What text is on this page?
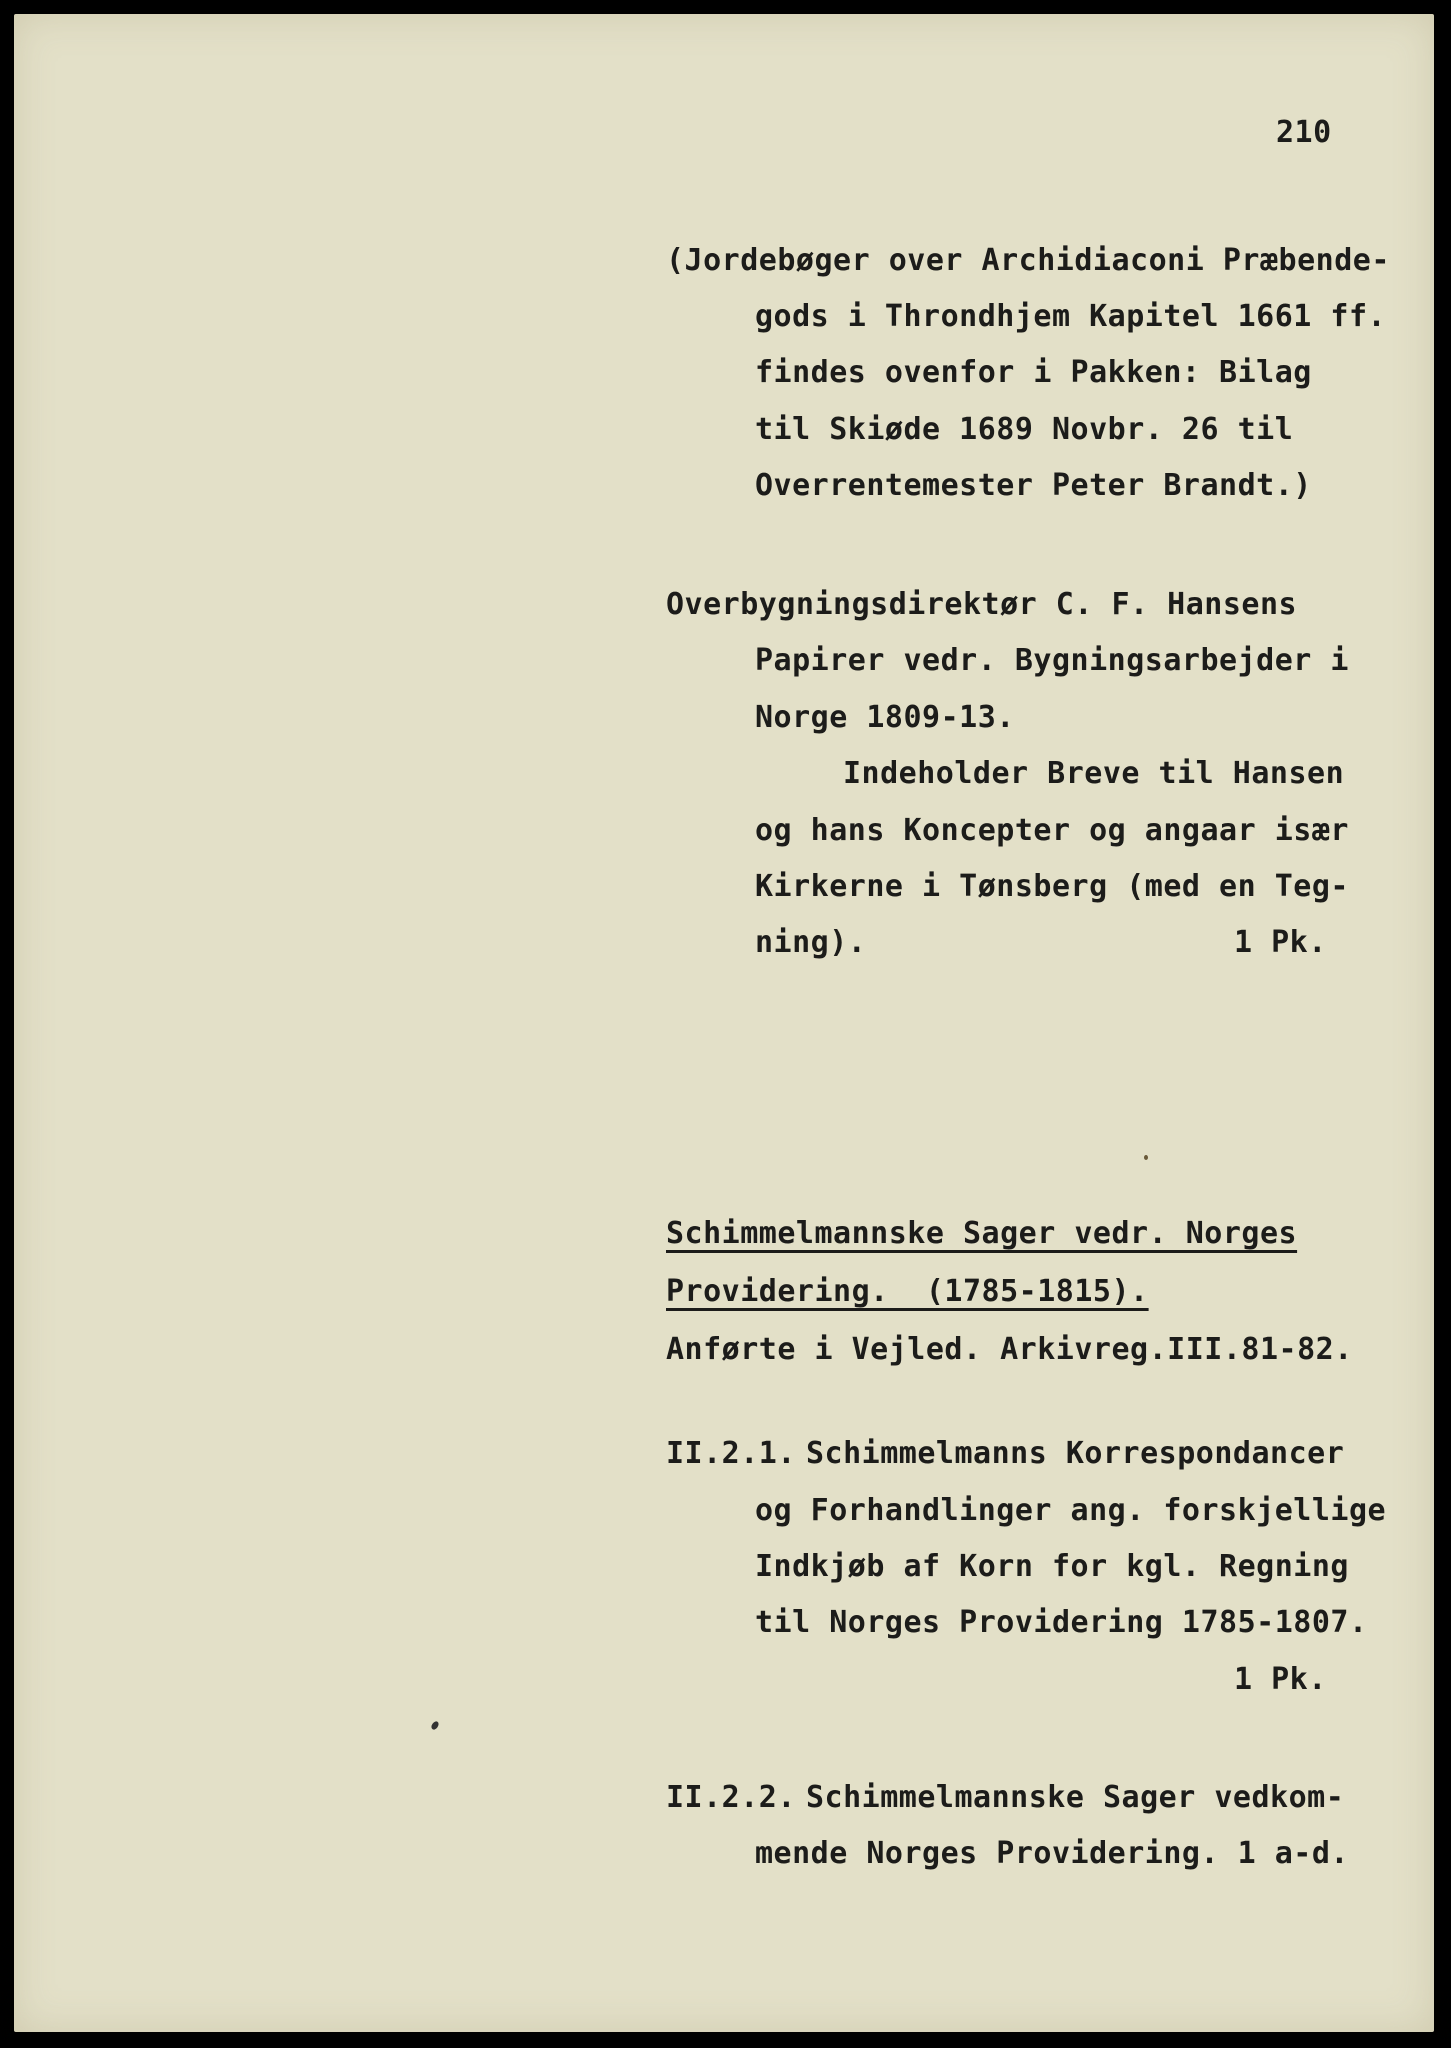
210
(Jordebøger over Archidiaconi Præbende-
gods i Throndhjem Kapitel 1661 ff.
findes ovenfor i Pakken: Bilag
til Skiøde 1689 Novbr. 26 til
Overrentemester Peter Brandt.)
Overbygningsdirektør C. F. Hansens
Papirer vedr. Bygningsarbejder i
Norge 1809-13.
Indeholder Breve til Hansen
og hans Koncepter og angaar især
Kirkerne i Tønsberg (med en Teg-
ning).	1 Pk.
Schimmelmannske Sager vedr. Norges
Providering.  (1785-1815).
Anførte i Vejled. Arkivreg.III.81-82.
II.2.1. Schimmelmanns Korrespondancer
og Forhandlinger ang. forskjellige
Indkjøb af Korn for kgl. Regning
til Norges Providering 1785-1807.
1 Pk.
II.2.2. Schimmelmannske Sager vedkom-
mende Norges Providering. 1 a-d.
